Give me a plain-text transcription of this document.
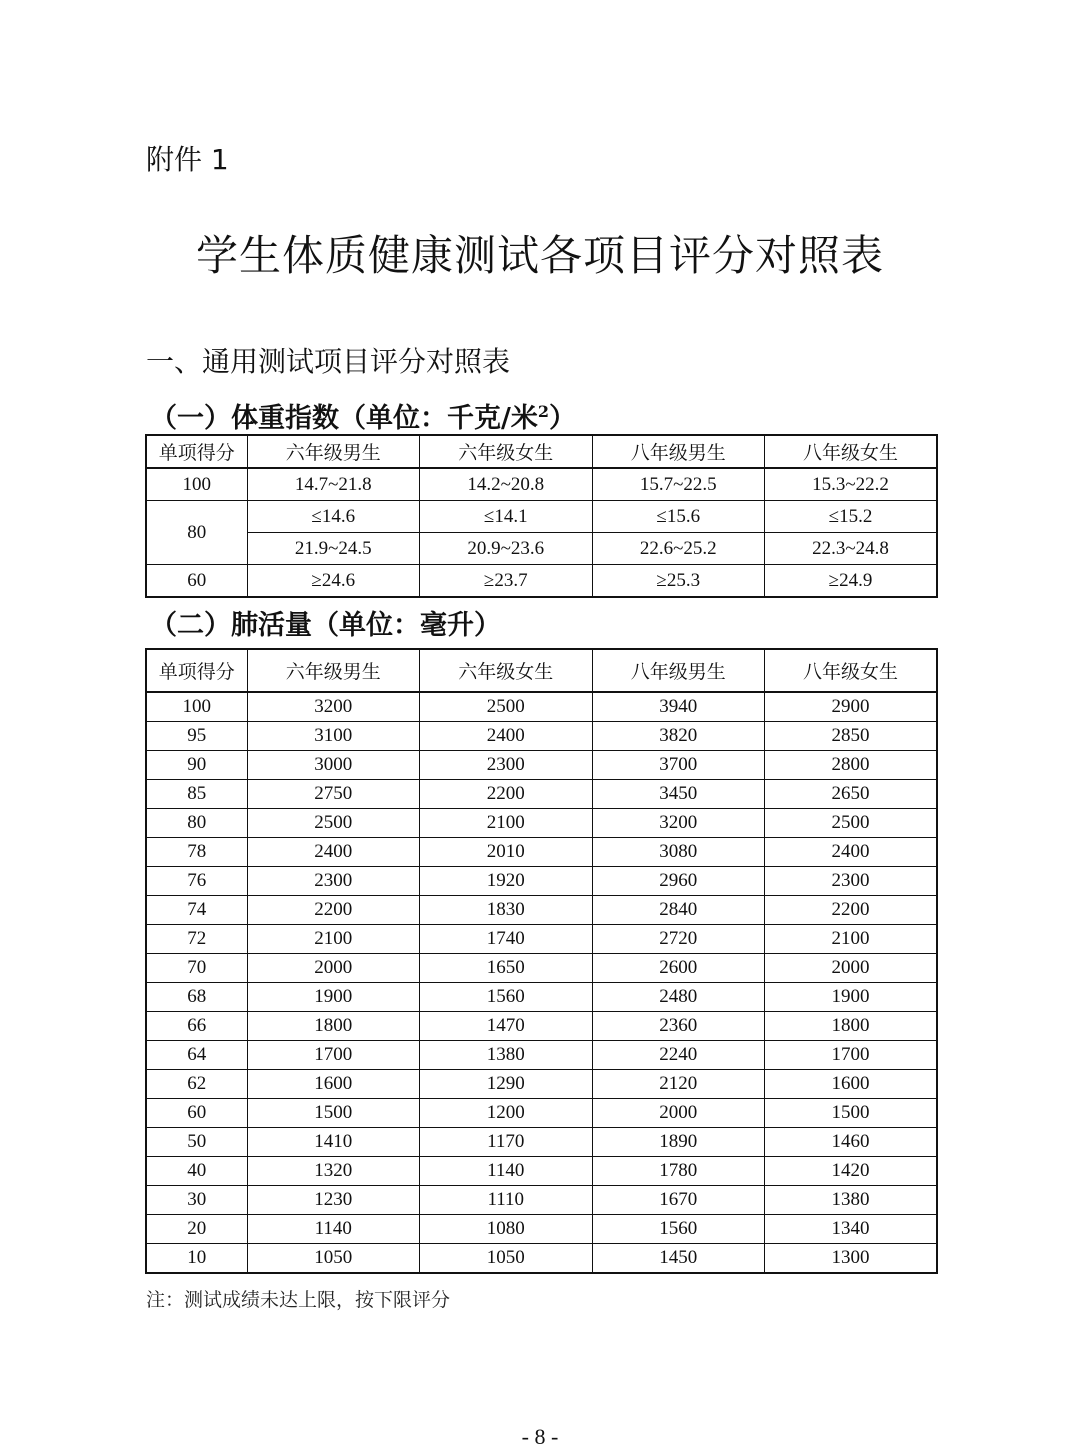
附件 1
学生体质健康测试各项目评分对照表
一、通用测试项目评分对照表
（一）体重指数（单位：千克/米$^2$）
单项得分	六年级男生	六年级女生	八年级男生	八年级女生
100	14.7~21.8	14.2~20.8	15.7~22.5	15.3~22.2
80	≤14.6	≤14.1	≤15.6	≤15.2
	21.9~24.5	20.9~23.6	22.6~25.2	22.3~24.8
60	≥24.6	≥23.7	≥25.3	≥24.9
（二）肺活量（单位：毫升）
单项得分	六年级男生	六年级女生	八年级男生	八年级女生
100	3200	2500	3940	2900
95	3100	2400	3820	2850
90	3000	2300	3700	2800
85	2750	2200	3450	2650
80	2500	2100	3200	2500
78	2400	2010	3080	2400
76	2300	1920	2960	2300
74	2200	1830	2840	2200
72	2100	1740	2720	2100
70	2000	1650	2600	2000
68	1900	1560	2480	1900
66	1800	1470	2360	1800
64	1700	1380	2240	1700
62	1600	1290	2120	1600
60	1500	1200	2000	1500
50	1410	1170	1890	1460
40	1320	1140	1780	1420
30	1230	1110	1670	1380
20	1140	1080	1560	1340
10	1050	1050	1450	1300
注：测试成绩未达上限，按下限评分
- 8 -
